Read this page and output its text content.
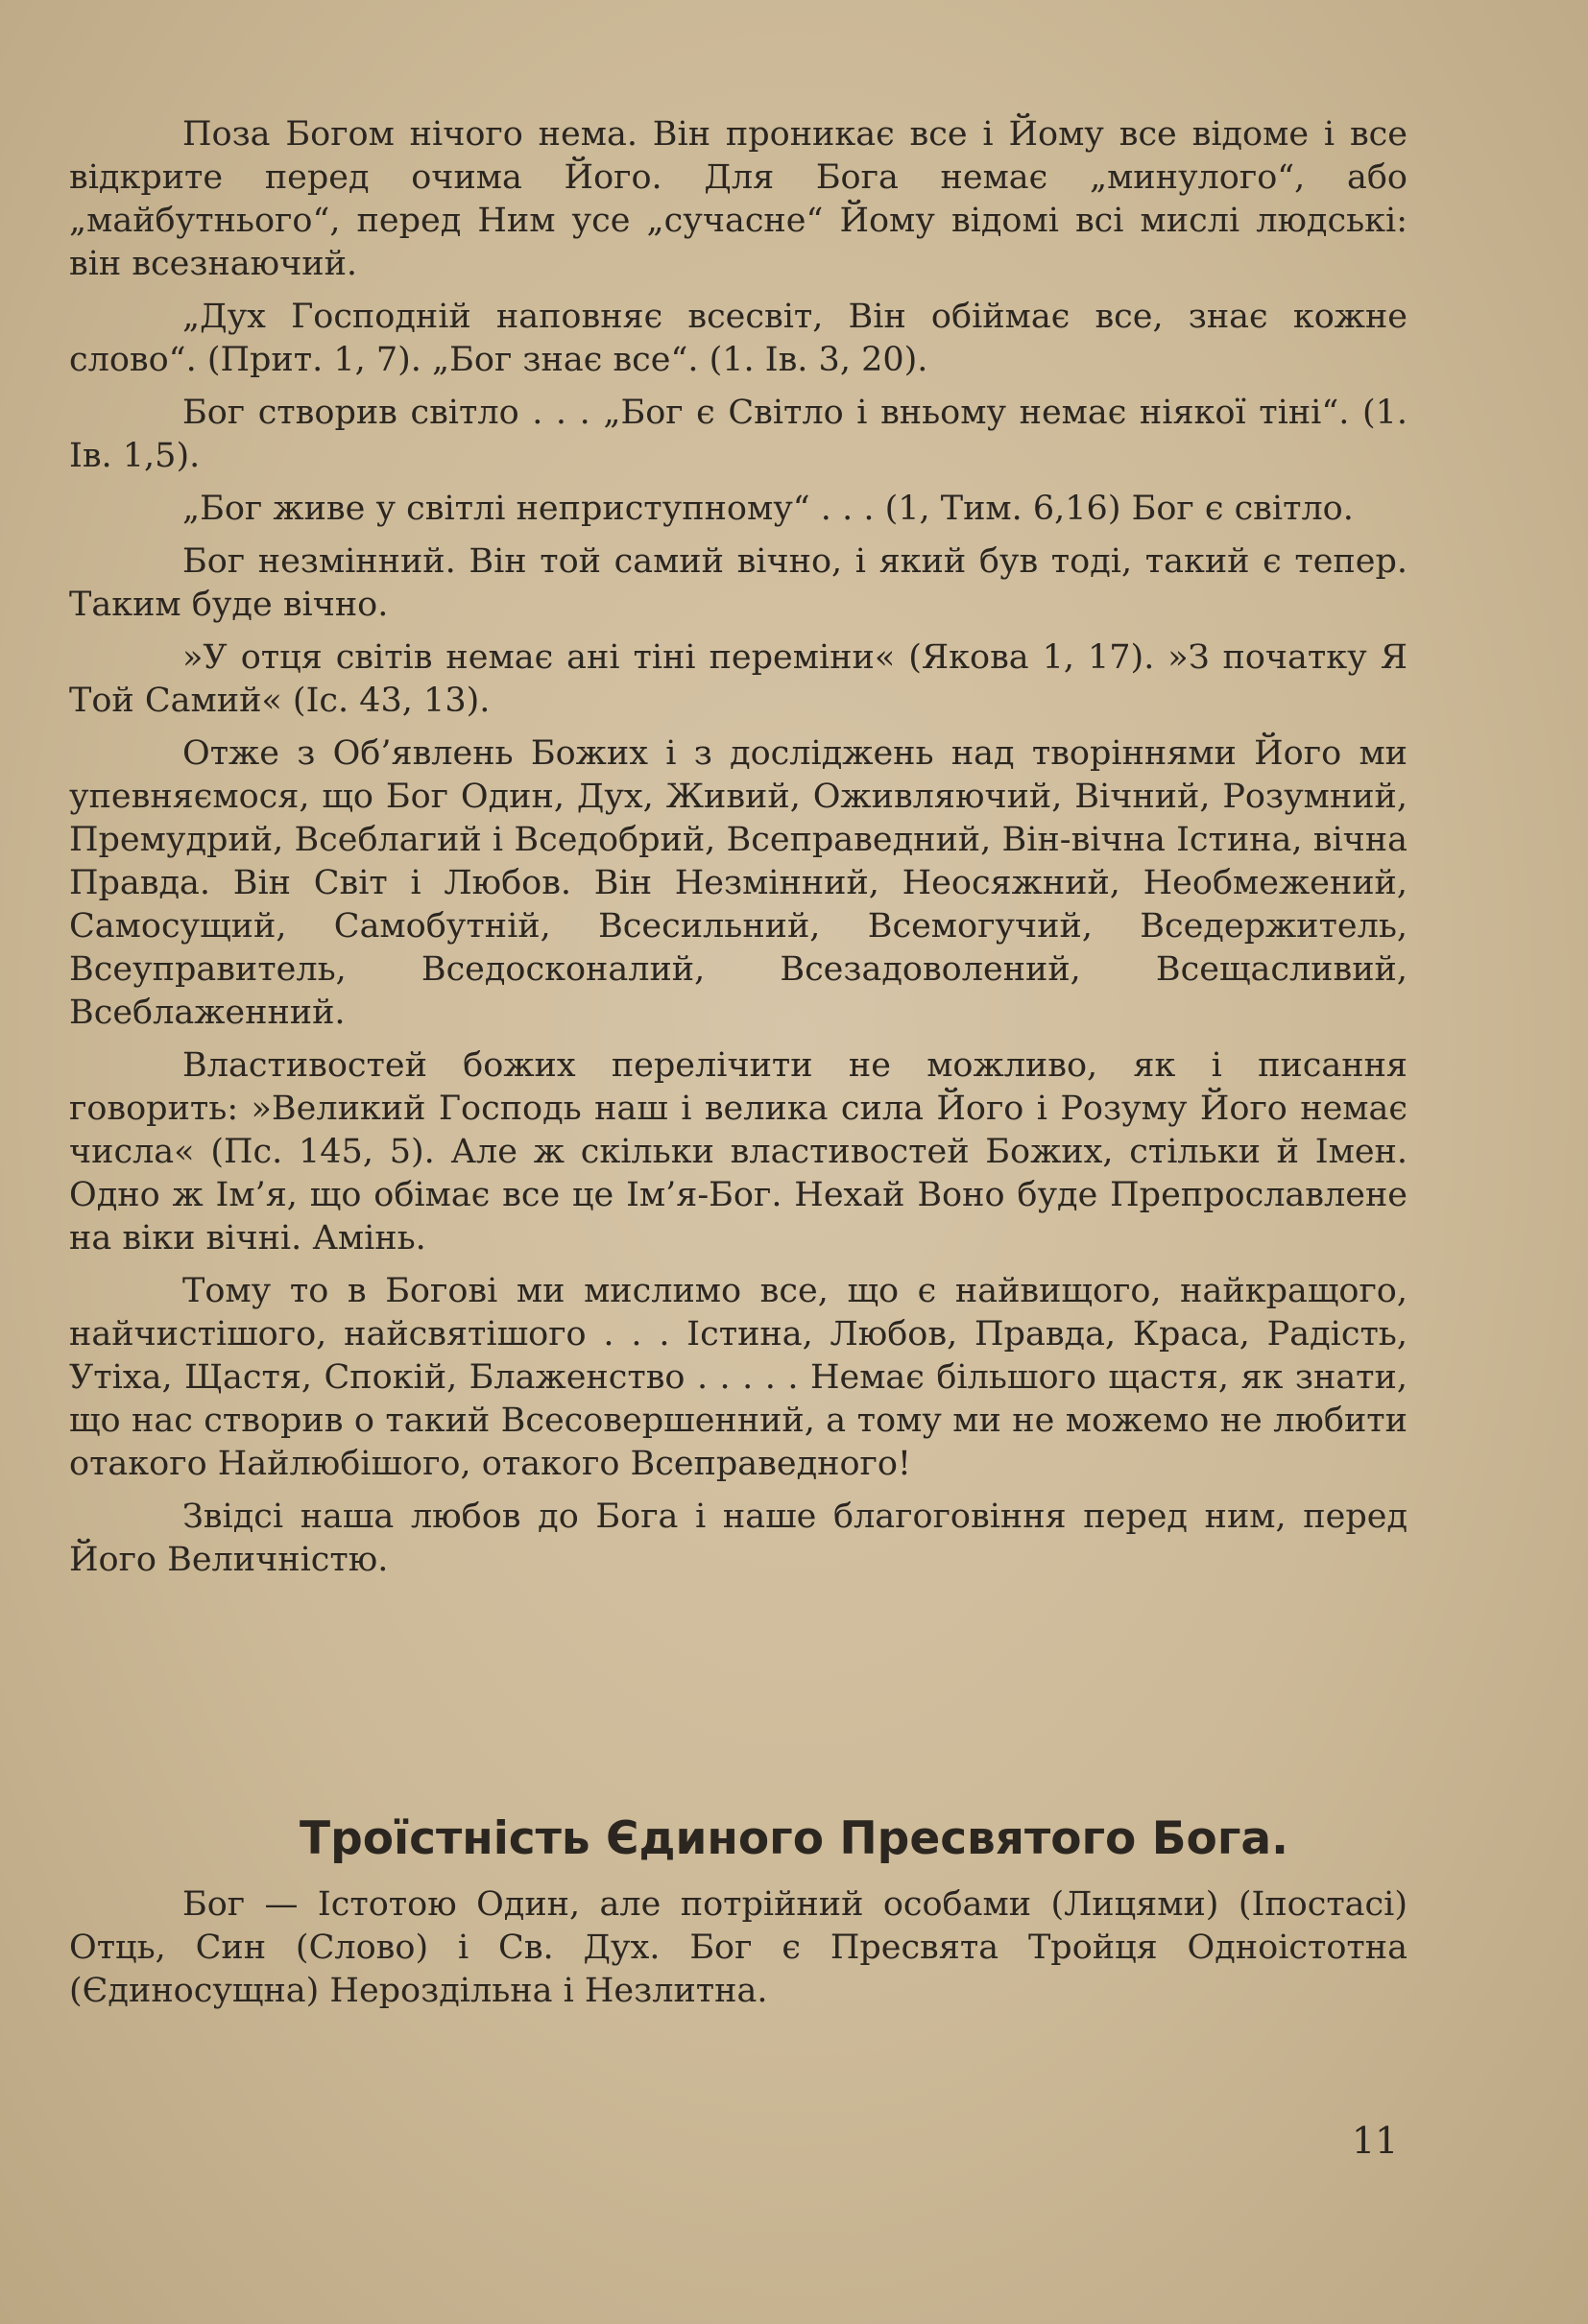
Поза Богом нічого нема. Він проникає все і Йому все відоме і все відкрите перед очима Його. Для Бога немає „минулого“, або „майбутнього“, перед Ним усе „сучасне“ Йому відомі всі мислі людські: він всезнаючий.

„Дух Господній наповняє всесвіт, Він обіймає все, знає кожне слово“. (Прит. 1, 7). „Бог знає все“. (1. Ів. 3, 20).

Бог створив світло . . . „Бог є Світло і вньому немає ніякої тіні“. (1. Ів. 1,5).

„Бог живе у світлі неприступному“ . . . (1, Тим. 6,16) Бог є світло.

Бог незмінний. Він той самий вічно, і який був тоді, такий є тепер. Таким буде вічно.

»У отця світів немає ані тіні переміни« (Якова 1, 17). »З початку Я Той Самий« (Іс. 43, 13).

Отже з Об’явлень Божих і з досліджень над творіннями Його ми упевняємося, що Бог Один, Дух, Живий, Оживляючий, Вічний, Розумний, Премудрий, Всеблагий і Вседобрий, Всеправедний, Він-вічна Істина, вічна Правда. Він Світ і Любов. Він Незмінний, Неосяжний, Необмежений, Самосущий, Самобутній, Всесильний, Всемогучий, Вседержитель, Всеуправитель, Вседосконалий, Всезадоволений, Всещасливий, Всеблаженний.

Властивостей божих перелічити не можливо, як і писання говорить: »Великий Господь наш і велика сила Його і Розуму Його немає числа« (Пс. 145, 5). Але ж скільки властивостей Божих, стільки й Імен. Одно ж Ім’я, що обімає все це Ім’я-Бог. Нехай Воно буде Препрославлене на віки вічні. Амінь.

Тому то в Богові ми мислимо все, що є найвищого, найкращого, найчистішого, найсвятішого . . . Істина, Любов, Правда, Краса, Радість, Утіха, Щастя, Спокій, Блаженство . . . . . Немає більшого щастя, як знати, що нас створив о такий Всесовершенний, а тому ми не можемо не любити отакого Найлюбішого, отакого Всеправедного!

Звідсі наша любов до Бога і наше благоговіння перед ним, перед Його Величністю.

Троїстність Єдиного Пресвятого Бога.

Бог — Істотою Один, але потрійний особами (Лицями) (Іпостасі) Отць, Син (Слово) і Св. Дух. Бог є Пресвята Тройця Одноістотна (Єдиносущна) Нероздільна і Незлитна.

11
